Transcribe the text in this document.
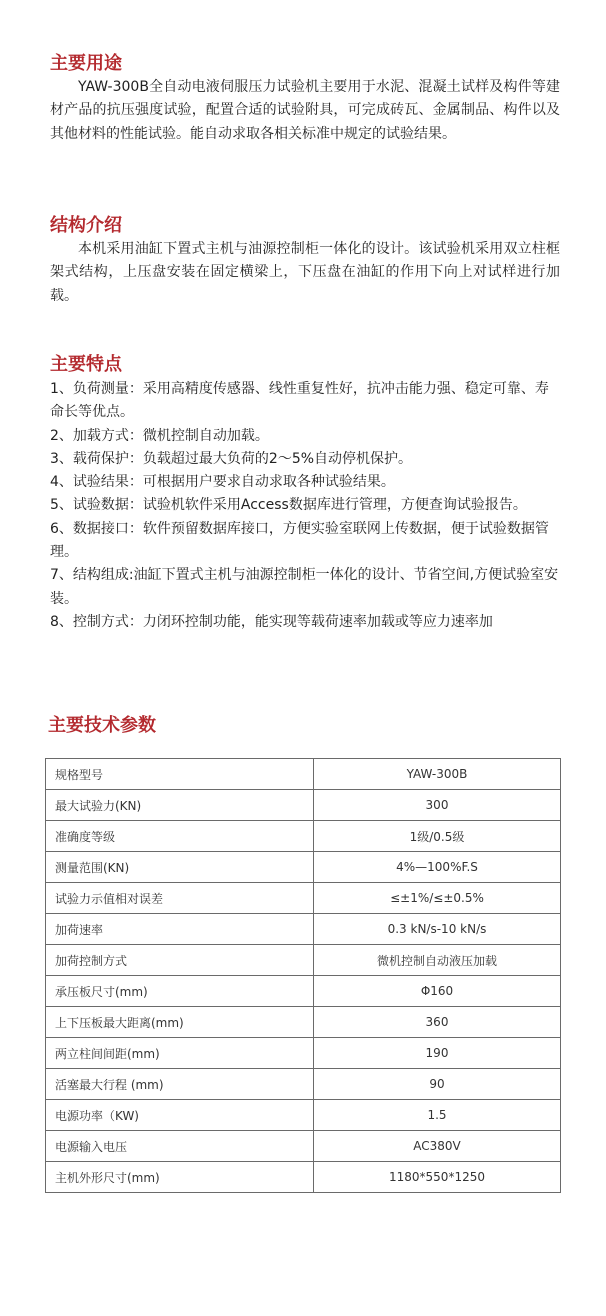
主要用途

YAW-300B全自动电液伺服压力试验机主要用于水泥、混凝土试样及构件等建材产品的抗压强度试验，配置合适的试验附具，可完成砖瓦、金属制品、构件以及其他材料的性能试验。能自动求取各相关标准中规定的试验结果。

结构介绍

本机采用油缸下置式主机与油源控制柜一体化的设计。该试验机采用双立柱框架式结构，上压盘安装在固定横梁上，下压盘在油缸的作用下向上对试样进行加载。

主要特点
1、负荷测量：采用高精度传感器、线性重复性好，抗冲击能力强、稳定可靠、寿命长等优点。
2、加载方式：微机控制自动加载。
3、载荷保护：负载超过最大负荷的2～5%自动停机保护。
4、试验结果：可根据用户要求自动求取各种试验结果。
5、试验数据：试验机软件采用Access数据库进行管理，方便查询试验报告。
6、数据接口：软件预留数据库接口，方便实验室联网上传数据，便于试验数据管理。
7、结构组成:油缸下置式主机与油源控制柜一体化的设计、节省空间,方便试验室安装。
8、控制方式：力闭环控制功能，能实现等载荷速率加载或等应力速率加
主要技术参数
规格型号	YAW-300B
最大试验力(KN)	300
准确度等级	1级/0.5级
测量范围(KN)	4%—100%F.S
试验力示值相对误差	≤±1%/≤±0.5%
加荷速率	0.3 kN/s-10 kN/s
加荷控制方式	微机控制自动液压加载
承压板尺寸(mm)	Φ160
上下压板最大距离(mm)	360
两立柱间间距(mm)	190
活塞最大行程 (mm)	90
电源功率（KW)	1.5
电源输入电压	AC380V
主机外形尺寸(mm)	1180*550*1250
